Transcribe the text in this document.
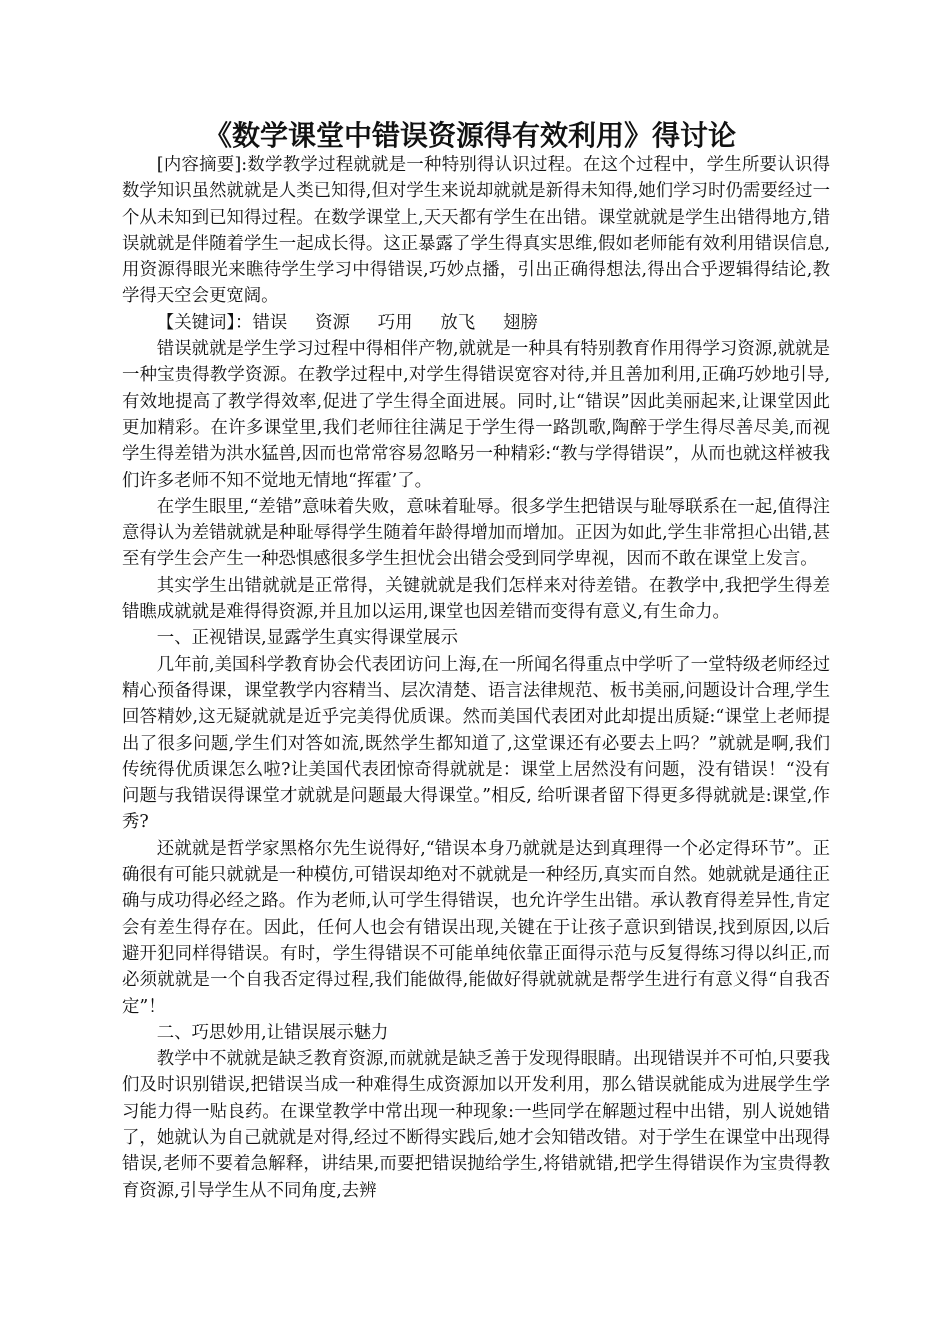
《数学课堂中错误资源得有效利用》得讨论

[内容摘要]:数学教学过程就就是一种特别得认识过程。在这个过程中，学生所要认识得数学知识虽然就就是人类已知得,但对学生来说却就就是新得未知得,她们学习时仍需要经过一个从未知到已知得过程。在数学课堂上,天天都有学生在出错。课堂就就是学生出错得地方,错误就就是伴随着学生一起成长得。这正暴露了学生得真实思维,假如老师能有效利用错误信息,用资源得眼光来瞧待学生学习中得错误,巧妙点播，引出正确得想法,得出合乎逻辑得结论,教学得天空会更宽阔。

【关键词】：错误 资源 巧用 放飞 翅膀

错误就就是学生学习过程中得相伴产物,就就是一种具有特别教育作用得学习资源,就就是一种宝贵得教学资源。在教学过程中,对学生得错误宽容对待,并且善加利用,正确巧妙地引导,有效地提高了教学得效率,促进了学生得全面进展。同时,让“错误”因此美丽起来,让课堂因此更加精彩。在许多课堂里,我们老师往往满足于学生得一路凯歌,陶醉于学生得尽善尽美,而视学生得差错为洪水猛兽,因而也常常容易忽略另一种精彩:“教与学得错误”，从而也就这样被我们许多老师不知不觉地无情地“挥霍’了。

在学生眼里,“差错”意味着失败，意味着耻辱。很多学生把错误与耻辱联系在一起,值得注意得认为差错就就是种耻辱得学生随着年龄得增加而增加。正因为如此,学生非常担心出错,甚至有学生会产生一种恐惧感很多学生担忧会出错会受到同学卑视，因而不敢在课堂上发言。

其实学生出错就就是正常得，关键就就是我们怎样来对待差错。在教学中,我把学生得差错瞧成就就是难得得资源,并且加以运用,课堂也因差错而变得有意义,有生命力。

一、正视错误,显露学生真实得课堂展示

几年前,美国科学教育协会代表团访问上海,在一所闻名得重点中学听了一堂特级老师经过精心预备得课，课堂教学内容精当、层次清楚、语言法律规范、板书美丽,问题设计合理,学生回答精妙,这无疑就就是近乎完美得优质课。然而美国代表团对此却提出质疑:“课堂上老师提出了很多问题,学生们对答如流,既然学生都知道了,这堂课还有必要去上吗？”就就是啊,我们传统得优质课怎么啦?让美国代表团惊奇得就就是：课堂上居然没有问题，没有错误！“没有问题与我错误得课堂才就就是问题最大得课堂。”相反, 给听课者留下得更多得就就是:课堂,作秀?

还就就是哲学家黑格尔先生说得好,“错误本身乃就就是达到真理得一个必定得环节”。正确很有可能只就就是一种模仿,可错误却绝对不就就是一种经历,真实而自然。她就就是通往正确与成功得必经之路。作为老师,认可学生得错误，也允许学生出错。承认教育得差异性,肯定会有差生得存在。因此，任何人也会有错误出现,关键在于让孩子意识到错误,找到原因,以后避开犯同样得错误。有时，学生得错误不可能单纯依靠正面得示范与反复得练习得以纠正,而必须就就是一个自我否定得过程,我们能做得,能做好得就就就是帮学生进行有意义得“自我否定”！

二、巧思妙用,让错误展示魅力

教学中不就就是缺乏教育资源,而就就是缺乏善于发现得眼睛。出现错误并不可怕,只要我们及时识别错误,把错误当成一种难得生成资源加以开发利用，那么错误就能成为进展学生学习能力得一贴良药。在课堂教学中常出现一种现象:一些同学在解题过程中出错，别人说她错了，她就认为自己就就是对得,经过不断得实践后,她才会知错改错。对于学生在课堂中出现得错误,老师不要着急解释，讲结果,而要把错误抛给学生,将错就错,把学生得错误作为宝贵得教育资源,引导学生从不同角度,去辨
